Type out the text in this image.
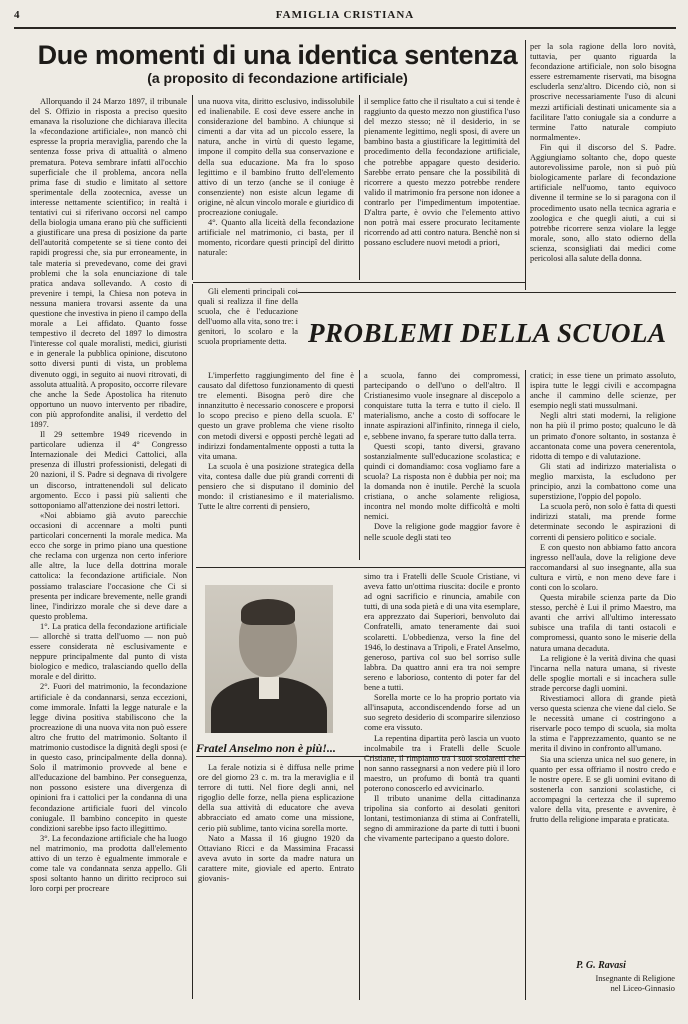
4	FAMIGLIA CRISTIANA
Due momenti di una identica sentenza
(a proposito di fecondazione artificiale)

Allorquando il 24 Marzo 1897, il tribunale del S. Offizio in risposta a preciso quesito emanava la risoluzione che dichiarava illecita la «fecondazione artificiale», non mancò chi espresse la propria meraviglia, parendo che la sentenza fosse priva di attualità o almeno prematura. Poteva sembrare infatti all'occhio superficiale che il problema, ancora nella prima fase di studio e limitato al settore sperimentale della zootecnica, avesse un interesse nettamente scientifico; in realtà i tentativi cui si riferivano occorsi nel campo della biologia umana erano più che sufficienti a giustificare una presa di posizione da parte dell'autorità competente se si tiene conto dei rapidi progressi che, sia pur erroneamente, in tale materia si prevedevano, come dei gravi problemi che la sola enunciazione di tale pratica andava sollevando. A costo di prevenire i tempi, la Chiesa non poteva in nessuna maniera trovarsi assente da una questione che investiva in pieno il campo della morale a Lei affidato. Quanto fosse tempestivo il decreto del 1897 lo dimostra l'interesse col quale moralisti, medici, giuristi e in generale la pubblica opinione, discutono sotto diversi punti di vista, un problema divenuto oggi, in seguito ai nuovi ritrovati, di assoluta attualità. A proposito, occorre rilevare che anche la Sede Apostolica ha ritenuto opportuno un nuovo intervento per ribadire, con più approfondite analisi, il verdetto del 1897.

Il 29 settembre 1949 ricevendo in particolare udienza il 4° Congresso Internazionale dei Medici Cattolici, alla presenza di illustri professionisti, delegati di 20 nazioni, il S. Padre si degnava di rivolgere un discorso, intrattenendoli sul delicato argomento. Ecco i passi più salienti che sottoponiamo all'attenzione dei nostri lettori.

«Noi abbiamo già avuto parecchie occasioni di accennare a molti punti particolari concernenti la morale medica. Ma ecco che sorge in primo piano una questione che reclama con urgenza non certo inferiore alle altre, la luce della dottrina morale cattolica: la fecondazione artificiale. Non possiamo tralasciare l'occasione che Ci si presenta per indicare brevemente, nelle grandi linee, l'indirizzo morale che si deve dare a questo problema.

1°. La pratica della fecondazione artificiale — allorchè si tratta dell'uomo — non può essere considerata nè esclusivamente e neppure principalmente dal punto di vista biologico e medico, tralasciando quello della morale e del diritto.

2°. Fuori del matrimonio, la fecondazione artificiale è da condannarsi, senza eccezioni, come immorale. Infatti la legge naturale e la legge divina positiva stabiliscono che la procreazione di una nuova vita non può essere altro che frutto del matrimonio. Soltanto il matrimonio custodisce la dignità degli sposi (e in questo caso, principalmente della donna). Solo il matrimonio provvede al bene e all'educazione del bambino. Per conseguenza, non possono esistere una divergenza di opinioni fra i cattolici per la condanna di una fecondazione artificiale fuori del vincolo coniugale. Il bambino concepito in queste condizioni sarebbe ipso facto illegittimo.

3°. La fecondazione artificiale che ha luogo nel matrimonio, ma prodotta dall'elemento attivo di un terzo è egualmente immorale e come tale va condannata senza appello. Gli sposi soltanto hanno un diritto reciproco sui loro corpi per procreare

una nuova vita, diritto esclusivo, indissolubile ed inalienabile. E così deve essere anche in considerazione del bambino. A chiunque si cimenti a dar vita ad un piccolo essere, la natura, anche in virtù di questo legame, impone il compito della sua conservazione e della sua educazione. Ma fra lo sposo legittimo e il bambino frutto dell'elemento attivo di un terzo (anche se il coniuge è consenziente) non esiste alcun legame di origine, nè alcun vincolo morale e giuridico di procreazione coniugale.

4°. Quanto alla liceità della fecondazione artificiale nel matrimonio, ci basta, per il momento, ricordare questi principî del diritto naturale:

il semplice fatto che il risultato a cui si tende è raggiunto da questo mezzo non giustifica l'uso del mezzo stesso; nè il desiderio, in se pienamente legittimo, negli sposi, di avere un bambino basta a giustificare la legittimità del procedimento della fecondazione artificiale, che potrebbe appagare questo desiderio. Sarebbe errato pensare che la possibilità di ricorrere a questo mezzo potrebbe rendere valido il matrimonio fra persone non idonee a contrarlo per l'impedimentum impotentiae. D'altra parte, è ovvio che l'elemento attivo non potrà mai essere procurato lecitamente ricorrendo ad atti contro natura. Benchè non si possano escludere nuovi metodi a priori,

per la sola ragione della loro novità, tuttavia, per quanto riguarda la fecondazione artificiale, non solo bisogna essere estremamente riservati, ma bisogna escluderla senz'altro. Dicendo ciò, non si proscrive necessariamente l'uso di alcuni mezzi artificiali destinati unicamente sia a facilitare l'atto coniugale sia a condurre a termine l'atto naturale compiuto normalmente».

Fin qui il discorso del S. Padre. Aggiungiamo soltanto che, dopo queste autorevolissime parole, non si può più biologicamente parlare di fecondazione artificiale nell'uomo, tanto equivoco divenne il termine se lo si paragona con il procedimento usato nella tecnica agraria e zoologica e che quegli aiuti, a cui si potrebbe ricorrere senza violare la legge morale, sono, allo stato odierno della scienza, sconsigliati dai medici come pericolosi alla salute della donna.

PROBLEMI DELLA SCUOLA

Gli elementi principali coi quali si realizza il fine della scuola, che è l'educazione dell'uomo alla vita, sono tre: i genitori, lo scolaro e la scuola propriamente detta.

L'imperfetto raggiungimento del fine è causato dal difettoso funzionamento di questi tre elementi. Bisogna però dire che innanzitutto è necessario conoscere e proporsi lo scopo preciso e pieno della scuola. E' questo un grave problema che viene risolto con metodi diversi e opposti perchè legati ad indirizzi fondamentalmente opposti a tutta la vita umana.

La scuola è una posizione strategica della vita, contesa dalle due più grandi correnti di pensiero che si disputano il dominio del mondo: il cristianesimo e il materialismo. Tutte le altre correnti di pensiero,

a scuola, fanno dei compromessi, partecipando o dell'uno o dell'altro. Il Cristianesimo vuole insegnare al discepolo a conquistare tutta la terra e tutto il cielo. Il materialismo, anche a costo di soffocare le innate aspirazioni all'infinito, rinnega il cielo, e, sebbene invano, fa sperare tutto dalla terra.

Questi scopi, tanto diversi, gravano sostanzialmente sull'educazione scolastica; e quindi ci domandiamo: cosa vogliamo fare a scuola? La risposta non è dubbia per noi; ma la domanda non è inutile. Perchè la scuola cristiana, o anche solamente religiosa, incontra nel mondo molte difficoltà e molti nemici.

Dove la religione gode maggior favore è nelle scuole degli stati teo

cratici; in esse tiene un primato assoluto, ispira tutte le leggi civili e accompagna anche il cammino delle scienze, per esempio negli stati mussulmani.

Negli altri stati moderni, la religione non ha più il primo posto; qualcuno le dà un primato d'onore soltanto, in sostanza è accantonata come una povera cenerentola, ridotta di tempo e di valutazione.

Gli stati ad indirizzo materialista o meglio marxista, la escludono per principio, anzi la combattono come una superstizione, l'oppio del popolo.

La scuola però, non solo è fatta di questi indirizzi statali, ma prende forme determinate secondo le aspirazioni di correnti di pensiero politico e sociale.

E con questo non abbiamo fatto ancora ingresso nell'aula, dove la religione deve raccomandarsi al suo insegnante, alla sua cultura e virtù, e non meno deve fare i conti con lo scolaro.

Questa mirabile scienza parte da Dio stesso, perchè è Lui il primo Maestro, ma avanti che arrivi all'ultimo interessato subisce una trafila di tanti ostacoli e compromessi, quanto sono le miserie della natura umana decaduta.

La religione è la verità divina che quasi l'incarna nella natura umana, si riveste delle spoglie mortali e si incachera sulle strade percorse dagli uomini.

Rivestiamoci allora di grande pietà verso questa scienza che viene dal cielo. Se le necessità umane ci costringono a riservarle poco tempo di scuola, sia molta la stima e l'apprezzamento, quanto se ne merita il divino in confronto all'umano.

Sia una scienza unica nel suo genere, in quanto per essa offriamo il nostro credo e le nostre opere. E se gli uomini evitano di sostenerla con sanzioni scolastiche, ci accompagni la certezza che il supremo valore della vita, presente e avvenire, è frutto della religione imparata e praticata.

P. G. Ravasi
Insegnante di Religione
nel Liceo-Ginnasio
Fratel Anselmo non è più!...

La ferale notizia si è diffusa nelle prime ore del giorno 23 c. m. tra la meraviglia e il terrore di tutti. Nel fiore degli anni, nel rigoglio delle forze, nella piena esplicazione della sua attività di educatore che aveva abbracciato ed amato come una missione, cerio più sublime, tanto vicina sorella morte.

Nato a Massa il 16 giugno 1920 da Ottaviano Ricci e da Massimina Fracassi aveva avuto in sorte da madre natura un carattere mite, gioviale ed aperto. Entrato giovanis-

simo tra i Fratelli delle Scuole Cristiane, vi aveva fatto un'ottima riuscita: docile e pronto ad ogni sacrificio e rinuncia, amabile con tutti, di una soda pietà e di una vita esemplare, era apprezzato dai Superiori, benvoluto dai Confratelli, amato teneramente dai suoi scolaretti. L'obbedienza, verso la fine del 1946, lo destinava a Tripoli, e Fratel Anselmo, generoso, partiva col suo bel sorriso sulle labbra. Da quattro anni era tra noi sempre sereno e laborioso, contento di poter far del bene a tutti.

Sorella morte ce lo ha proprio portato via all'insaputa, accondiscendendo forse ad un suo segreto desiderio di scomparire silenzioso come era vissuto.

La repentina dipartita però lascia un vuoto incolmabile tra i Fratelli delle Scuole Cristiane, il rimpianto tra i suoi scolaretti che non sanno rassegnarsi a non vedere più il loro maestro, un profumo di bontà tra quanti poterono conoscerlo ed avvicinarlo.

Il tributo unanime della cittadinanza tripolina sia conforto ai desolati genitori lontani, testimonianza di stima ai Confratelli, segno di ammirazione da parte di tutti i buoni che vivamente partecipano a questo dolore.
